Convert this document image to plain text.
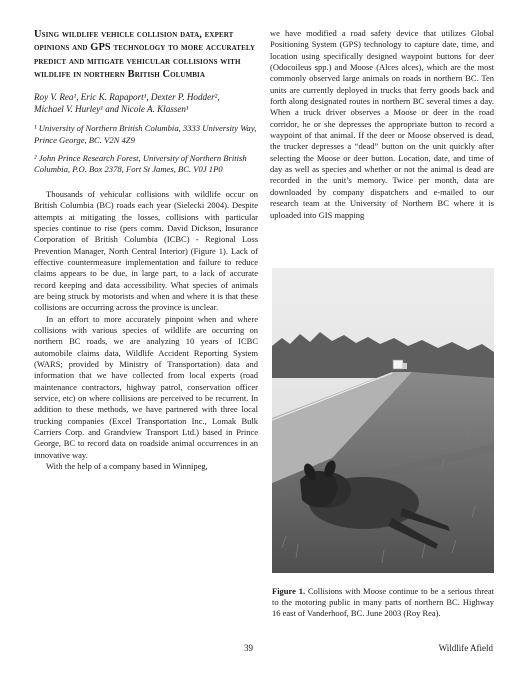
Using wildlife vehicle collision data, expert opinions and GPS technology to more accurately predict and mitigate vehicular collisions with wildlife in northern British Columbia
Roy V. Rea¹, Eric K. Rapaport¹, Dexter P. Hodder²,
Michael V. Hurley¹ and Nicole A. Klassen¹

¹ University of Northern British Columbia, 3333 University Way, Prince George, BC. V2N 4Z9

² John Prince Research Forest, University of Northern British Columbia, P.O. Box 2378, Fort St James, BC. V0J 1P0

Thousands of vehicular collisions with wildlife occur on British Columbia (BC) roads each year (Sielecki 2004). Despite attempts at mitigating the losses, collisions with particular species continue to rise (pers comm. David Dickson, Insurance Corporation of British Columbia (ICBC) - Regional Loss Prevention Manager, North Central Interior) (Figure 1). Lack of effective countermeasure implementation and failure to reduce claims appears to be due, in large part, to a lack of accurate record keeping and data accessibility. What species of animals are being struck by motorists and when and where it is that these collisions are occurring across the province is unclear.

In an effort to more accurately pinpoint when and where collisions with various species of wildlife are occurring on northern BC roads, we are analyzing 10 years of ICBC automobile claims data, Wildlife Accident Reporting System (WARS; provided by Ministry of Transportation) data and information that we have collected from local experts (road maintenance contractors, highway patrol, conservation officer service, etc) on where collisions are perceived to be recurrent. In addition to these methods, we have partnered with three local trucking companies (Excel Transportation Inc., Lomak Bulk Carriers Corp. and Grandview Transport Ltd.) based in Prince George, BC to record data on roadside animal occurrences in an innovative way.

With the help of a company based in Winnipeg,

we have modified a road safety device that utilizes Global Positioning System (GPS) technology to capture date, time, and location using specifically designed waypoint buttons for deer (Odocoileus spp.) and Moose (Alces alces), which are the most commonly observed large animals on roads in northern BC. Ten units are currently deployed in trucks that ferry goods back and forth along designated routes in northern BC several times a day. When a truck driver observes a Moose or deer in the road corridor, he or she depresses the appropriate button to record a waypoint of that animal. If the deer or Moose observed is dead, the trucker depresses a “dead” button on the unit quickly after selecting the Moose or deer button. Location, date, and time of day as well as species and whether or not the animal is dead are recorded in the unit’s memory. Twice per month, data are downloaded by company dispatchers and e-mailed to our research team at the University of Northern BC where it is uploaded into GIS mapping

Figure 1. Collisions with Moose continue to be a serious threat to the motoring public in many parts of northern BC. Highway 16 east of Vanderhoof, BC. June 2003 (Roy Rea).

39	Wildlife Afield
